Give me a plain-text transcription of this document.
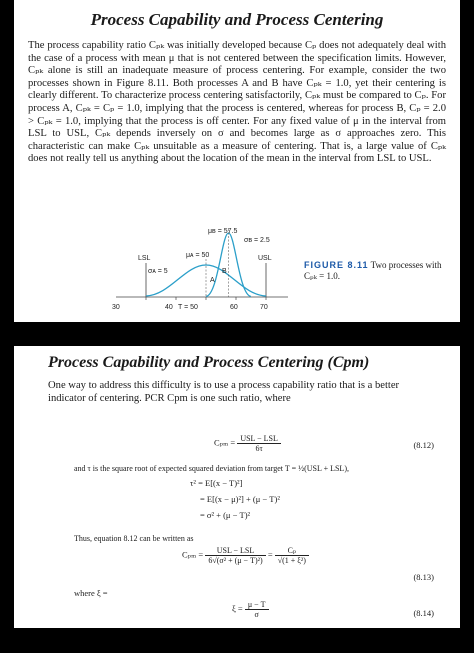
Process Capability and Process Centering
The process capability ratio Cₚₖ was initially developed because Cₚ does not adequately deal with the case of a process with mean μ that is not centered between the specification limits. However, Cₚₖ alone is still an inadequate measure of process centering. For example, consider the two processes shown in Figure 8.11. Both processes A and B have Cₚₖ = 1.0, yet their centering is clearly different. To characterize process centering satisfactorily, Cₚₖ must be compared to Cₚ. For process A, Cₚₖ = Cₚ = 1.0, implying that the process is centered, whereas for process B, Cₚ = 2.0 > Cₚₖ = 1.0, implying that the process is off center. For any fixed value of μ in the interval from LSL to USL, Cₚₖ depends inversely on σ and becomes large as σ approaches zero. This characteristic can make Cₚₖ unsuitable as a measure of centering. That is, a large value of Cₚₖ does not really tell us anything about the location of the mean in the interval from LSL to USL.
μʙ = 57.5
σʙ = 2.5
μᴀ = 50
σᴀ = 5
LSL	USL
A
B
30	40 T = 50	60	70
FIGURE 8.11 Two processes with Cₚₖ = 1.0.
Process Capability and Process Centering (Cpm)
One way to address this difficulty is to use a process capability ratio that is a better indicator of centering. PCR Cpm is one such ratio, where
$C_{pm} = \frac{\text{USL − LSL}}{6\tau}$	(8.12)
and τ is the square root of expected squared deviation from target T = ½(USL + LSL),
τ² = E[(x − T)²]
= E[(x − μ)²] + (μ − T)²
= σ² + (μ − T)²
Thus, equation 8.12 can be written as
$C_{pm} = \frac{\text{USL − LSL}}{\text{6√(σ² + (μ − T)²)}} = \frac{\text{Cₚ}}{\text{√(1 + ξ²)}}$
(8.13)
where ξ =
$\xi = \frac{\mu - T}{\sigma}$	(8.14)
